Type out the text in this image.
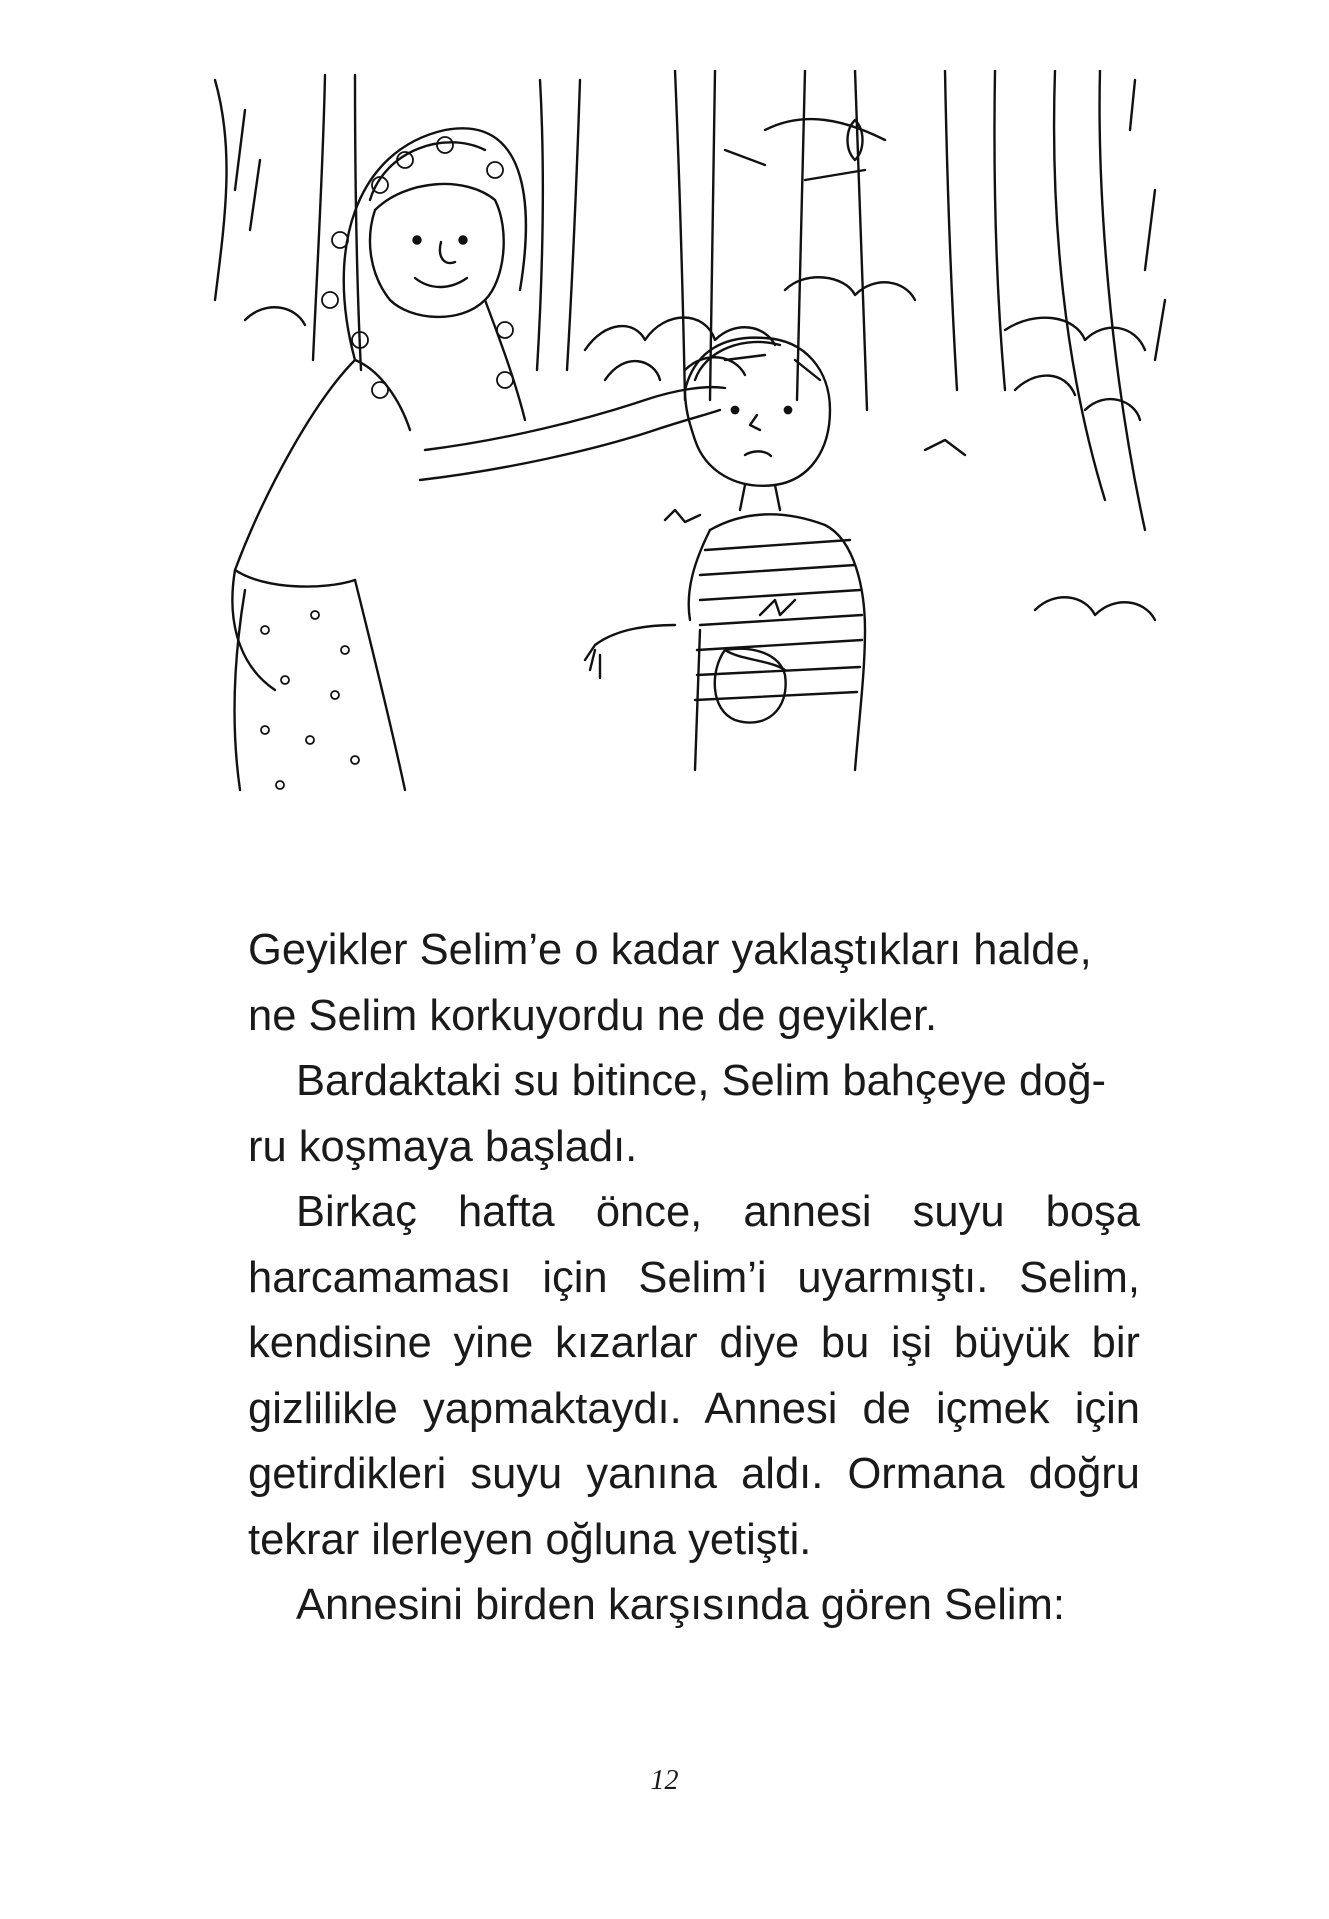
Geyikler Selim’e o kadar yaklaştıkları halde,
ne Selim korkuyordu ne de geyikler.
Bardaktaki su bitince, Selim bahçeye doğ-
ru koşmaya başladı.
Birkaç hafta önce, annesi suyu boşa
harcamaması için Selim’i uyarmıştı. Selim,
kendisine yine kızarlar diye bu işi büyük bir
gizlilikle yapmaktaydı. Annesi de içmek için
getirdikleri suyu yanına aldı. Ormana doğru
tekrar ilerleyen oğluna yetişti.
Annesini birden karşısında gören Selim:
12
